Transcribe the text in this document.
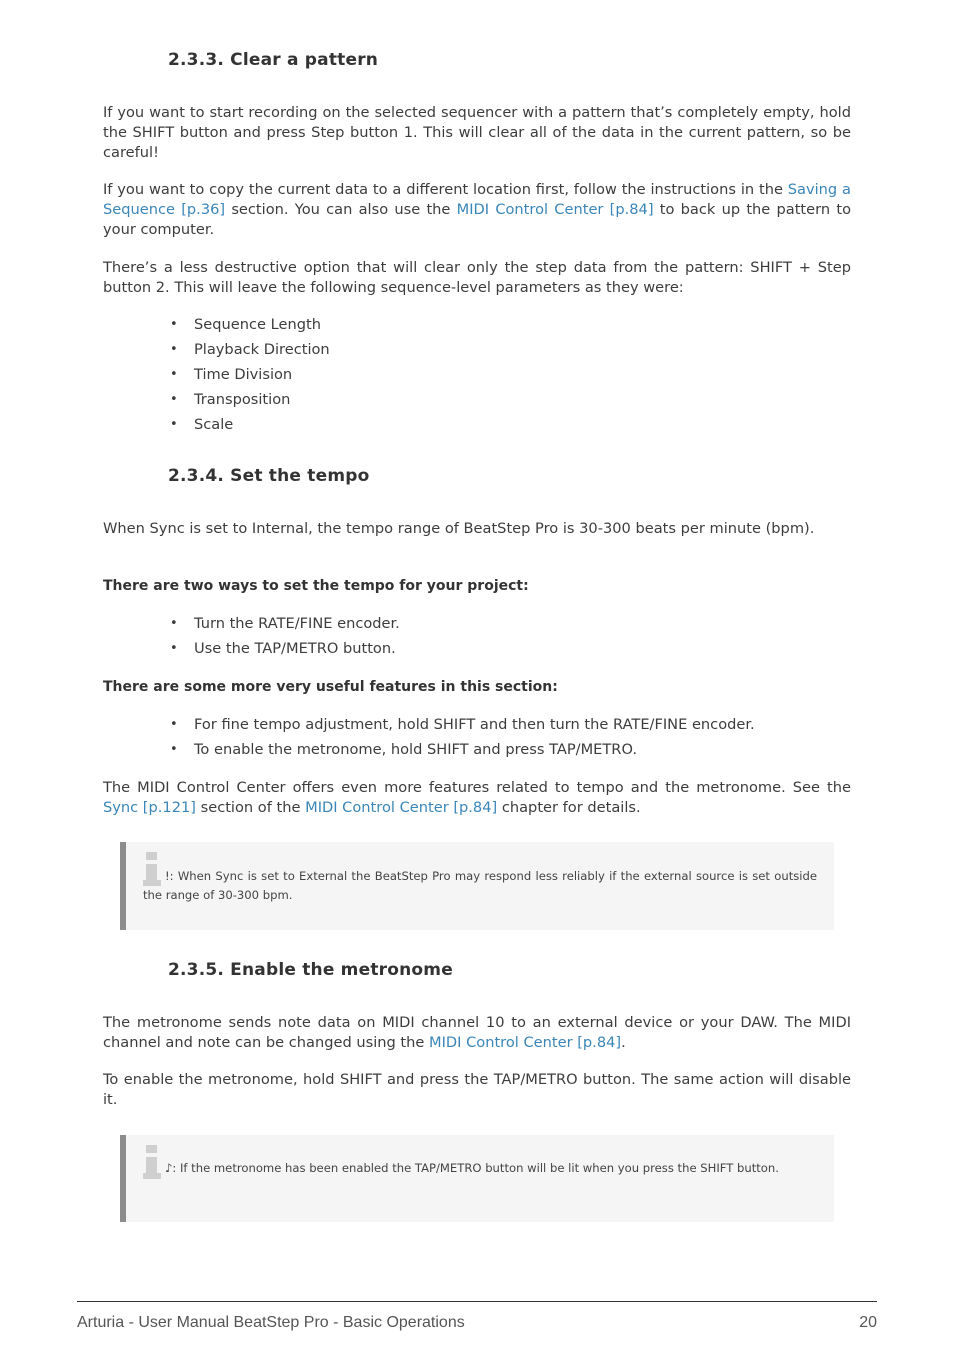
2.3.3. Clear a pattern

If you want to start recording on the selected sequencer with a pattern that’s completely empty, hold the SHIFT button and press Step button 1. This will clear all of the data in the current pattern, so be careful!

If you want to copy the current data to a different location first, follow the instructions in the Saving a Sequence [p.36] section. You can also use the MIDI Control Center [p.84] to back up the pattern to your computer.

There’s a less destructive option that will clear only the step data from the pattern: SHIFT + Step button 2. This will leave the following sequence-level parameters as they were:

• Sequence Length
• Playback Direction
• Time Division
• Transposition
• Scale
2.3.4. Set the tempo

When Sync is set to Internal, the tempo range of BeatStep Pro is 30-300 beats per minute (bpm).

There are two ways to set the tempo for your project:

• Turn the RATE/FINE encoder.
• Use the TAP/METRO button.

There are some more very useful features in this section:

• For fine tempo adjustment, hold SHIFT and then turn the RATE/FINE encoder.
• To enable the metronome, hold SHIFT and press TAP/METRO.

The MIDI Control Center offers even more features related to tempo and the metronome. See the Sync [p.121] section of the MIDI Control Center [p.84] chapter for details.

!: When Sync is set to External the BeatStep Pro may respond less reliably if the external source is set outside the range of 30-300 bpm.

2.3.5. Enable the metronome

The metronome sends note data on MIDI channel 10 to an external device or your DAW. The MIDI channel and note can be changed using the MIDI Control Center [p.84].

To enable the metronome, hold SHIFT and press the TAP/METRO button. The same action will disable it.

♪: If the metronome has been enabled the TAP/METRO button will be lit when you press the SHIFT button.

Arturia - User Manual BeatStep Pro - Basic Operations	20
